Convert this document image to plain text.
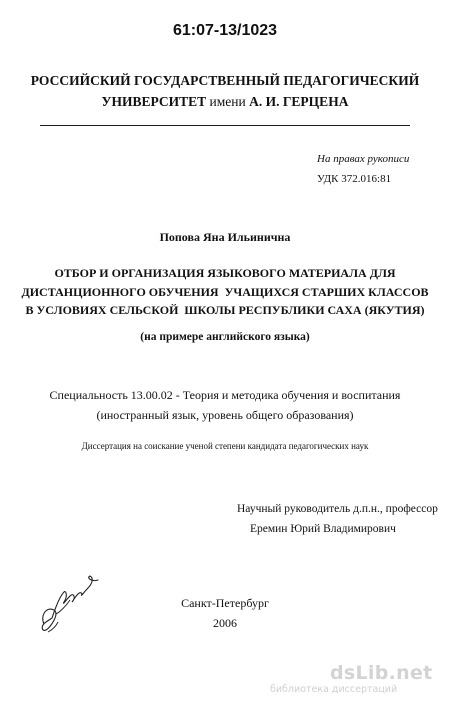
61:07-13/1023
РОССИЙСКИЙ ГОСУДАРСТВЕННЫЙ ПЕДАГОГИЧЕСКИЙ
УНИВЕРСИТЕТ имени А. И. ГЕРЦЕНА
На правах рукописи
УДК 372.016:81
Попова Яна Ильинична
ОТБОР И ОРГАНИЗАЦИЯ ЯЗЫКОВОГО МАТЕРИАЛА ДЛЯ
ДИСТАНЦИОННОГО ОБУЧЕНИЯ  УЧАЩИХСЯ СТАРШИХ КЛАССОВ
В УСЛОВИЯХ СЕЛЬСКОЙ  ШКОЛЫ РЕСПУБЛИКИ САХА (ЯКУТИЯ)
(на примере английского языка)
Специальность 13.00.02 - Теория и методика обучения и воспитания
(иностранный язык, уровень общего образования)
Диссертация на соискание ученой степени кандидата педагогических наук
Научный руководитель д.п.н., профессор
Еремин Юрий Владимирович
Санкт-Петербург
2006
dsLib.net
библиотека диссертаций
